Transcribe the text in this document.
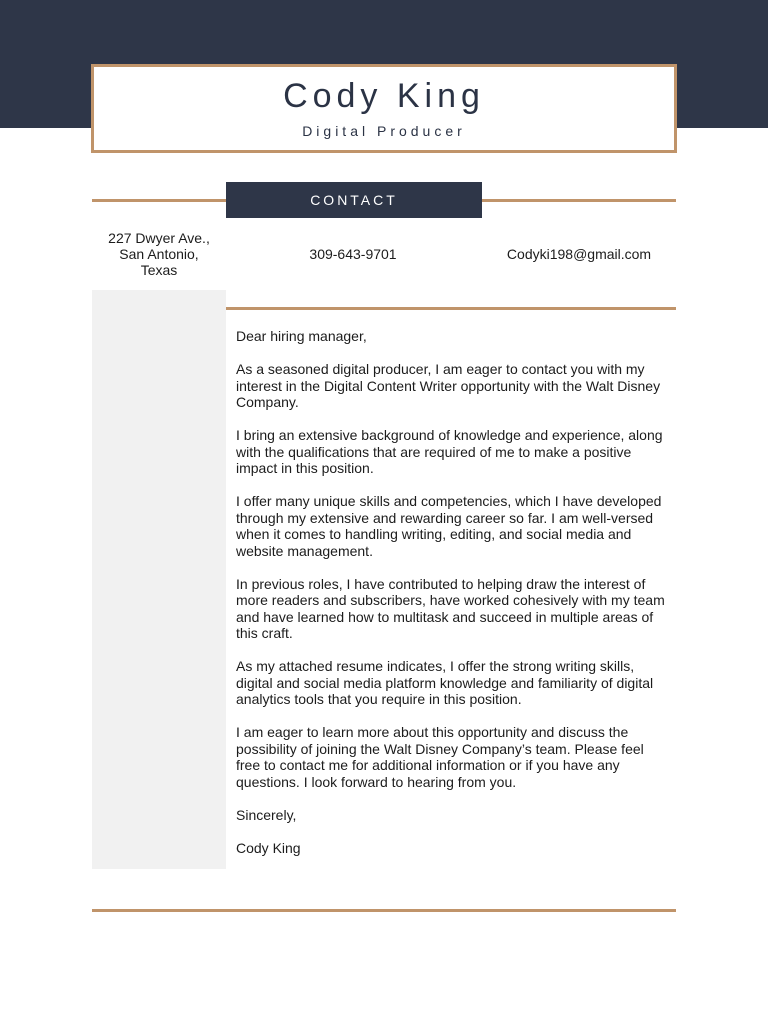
Cody King
Digital Producer
CONTACT
227 Dwyer Ave.,
San Antonio,
Texas
309-643-9701	Codyki198@gmail.com

Dear hiring manager,

As a seasoned digital producer, I am eager to contact you with my interest in the Digital Content Writer opportunity with the Walt Disney Company.

I bring an extensive background of knowledge and experience, along with the qualifications that are required of me to make a positive impact in this position.

I offer many unique skills and competencies, which I have developed through my extensive and rewarding career so far. I am well-versed when it comes to handling writing, editing, and social media and website management.

In previous roles, I have contributed to helping draw the interest of more readers and subscribers, have worked cohesively with my team and have learned how to multitask and succeed in multiple areas of this craft.

As my attached resume indicates, I offer the strong writing skills, digital and social media platform knowledge and familiarity of digital analytics tools that you require in this position.

I am eager to learn more about this opportunity and discuss the possibility of joining the Walt Disney Company’s team. Please feel free to contact me for additional information or if you have any questions. I look forward to hearing from you.

Sincerely,

Cody King
